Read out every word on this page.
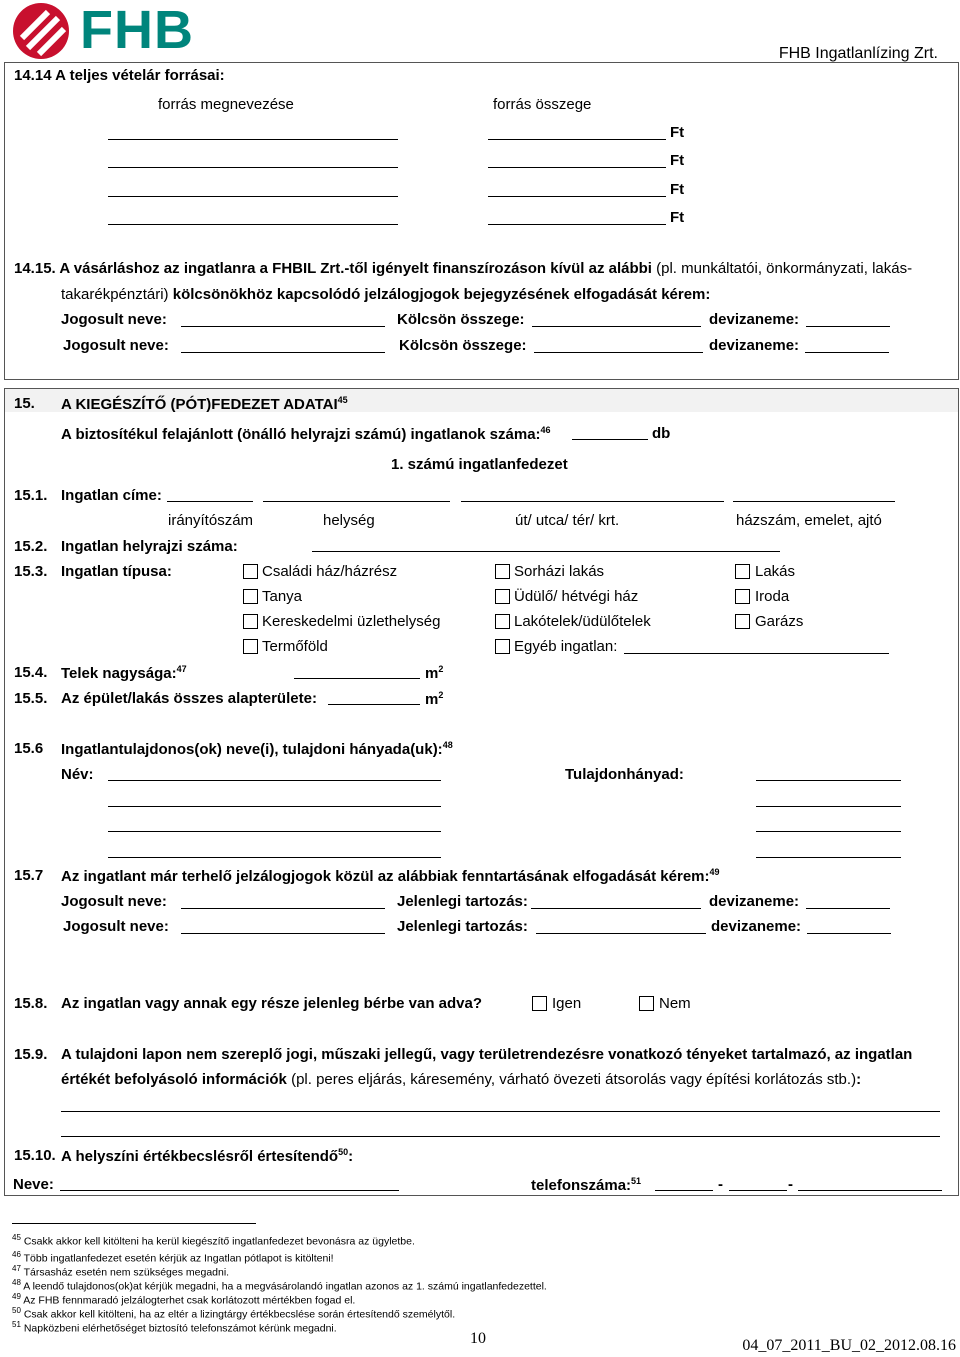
FHB	FHB Ingatlanlízing Zrt.
14.14 A teljes vételár forrásai:
forrás megnevezése	forrás összege
Ft
Ft
Ft
Ft
14.15. A vásárláshoz az ingatlanra a FHBIL Zrt.-től igényelt finanszírozáson kívül az alábbi (pl. munkáltatói, önkormányzati, lakás-
takarékpénztári) kölcsönökhöz kapcsolódó jelzálogjogok bejegyzésének elfogadását kérem:
Jogosult neve:	Kölcsön összege:	devizaneme:
Jogosult neve:	Kölcsön összege:	devizaneme:
15. A KIEGÉSZÍTŐ (PÓT)FEDEZET ADATAI$^{45}$
A biztosítékul felajánlott (önálló helyrajzi számú) ingatlanok száma:$^{46}$	db
1. számú ingatlanfedezet
15.1. Ingatlan címe:
irányítószám	helység	út/ utca/ tér/ krt.	házszám, emelet, ajtó
15.2. Ingatlan helyrajzi száma:
15.3. Ingatlan típusa:	Családi ház/házrész	Sorházi lakás	Lakás
Tanya	Üdülő/ hétvégi ház	Iroda
Kereskedelmi üzlethelység	Lakótelek/üdülőtelek	Garázs
Termőföld	Egyéb ingatlan:
15.4. Telek nagysága:$^{47}$	$m^2$
15.5. Az épület/lakás összes alapterülete:	$m^2$
15.6 Ingatlantulajdonos(ok) neve(i), tulajdoni hányada(uk):$^{48}$
Név:	Tulajdonhányad:
15.7 Az ingatlant már terhelő jelzálogjogok közül az alábbiak fenntartásának elfogadását kérem:$^{49}$
Jogosult neve:	Jelenlegi tartozás:	devizaneme:
Jogosult neve:	Jelenlegi tartozás:	devizaneme:
15.8. Az ingatlan vagy annak egy része jelenleg bérbe van adva?	Igen	Nem
15.9. A tulajdoni lapon nem szereplő jogi, műszaki jellegű, vagy területrendezésre vonatkozó tényeket tartalmazó, az ingatlan
értékét befolyásoló információk (pl. peres eljárás, káresemény, várható övezeti átsorolás vagy építési korlátozás stb.):
15.10. A helyszíni értékbecslésről értesítendő$^{50}$:
Neve:	telefonszáma:$^{51}$	-	-
$^{45}$ Csakk akkor kell kitölteni ha kerül kiegészítő ingatlanfedezet bevonásra az ügyletbe.
$^{46}$ Több ingatlanfedezet esetén kérjük az Ingatlan pótlapot is kitölteni!
$^{47}$ Társasház esetén nem szükséges megadni.
$^{48}$ A leendő tulajdonos(ok)at kérjük megadni, ha a megvásárolandó ingatlan azonos az 1. számú ingatlanfedezettel.
$^{49}$ Az FHB fennmaradó jelzálogterhet csak korlátozott mértékben fogad el.
$^{50}$ Csak akkor kell kitölteni, ha az eltér a lizingtárgy értékbecslése során értesítendő személytől.
$^{51}$ Napközbeni elérhetőséget biztosító telefonszámot kérünk megadni.
10	04_07_2011_BU_02_2012.08.16
